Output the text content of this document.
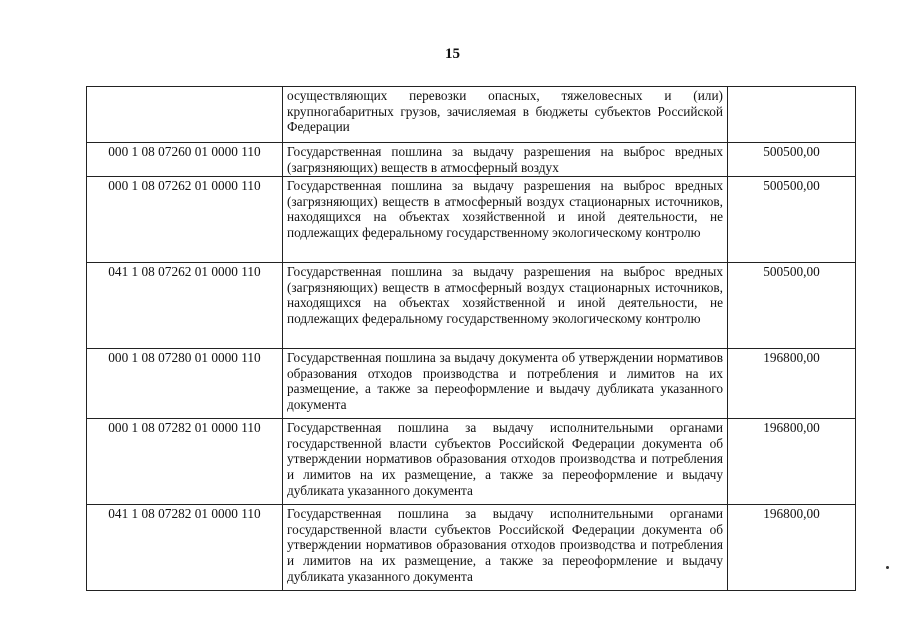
15
	осуществляющих перевозки опасных, тяжеловесных и (или) крупногабаритных грузов, зачисляемая в бюджеты субъектов Российской Федерации	
000 1 08 07260 01 0000 110	Государственная пошлина за выдачу разрешения на выброс вредных (загрязняющих) веществ в атмосферный воздух	500500,00
000 1 08 07262 01 0000 110	Государственная пошлина за выдачу разрешения на выброс вредных (загрязняющих) веществ в атмосферный воздух стационарных источников, находящихся на объектах хозяйственной и иной деятельности, не подлежащих федеральному государственному экологическому контролю	500500,00
041 1 08 07262 01 0000 110	Государственная пошлина за выдачу разрешения на выброс вредных (загрязняющих) веществ в атмосферный воздух стационарных источников, находящихся на объектах хозяйственной и иной деятельности, не подлежащих федеральному государственному экологическому контролю	500500,00
000 1 08 07280 01 0000 110	Государственная пошлина за выдачу документа об утверждении нормативов образования отходов производства и потребления и лимитов на их размещение, а также за переоформление и выдачу дубликата указанного документа	196800,00
000 1 08 07282 01 0000 110	Государственная пошлина за выдачу исполнительными органами государственной власти субъектов Российской Федерации документа об утверждении нормативов образования отходов производства и потребления и лимитов на их размещение, а также за переоформление и выдачу дубликата указанного документа	196800,00
041 1 08 07282 01 0000 110	Государственная пошлина за выдачу исполнительными органами государственной власти субъектов Российской Федерации документа об утверждении нормативов образования отходов производства и потребления и лимитов на их размещение, а также за переоформление и выдачу дубликата указанного документа	196800,00
